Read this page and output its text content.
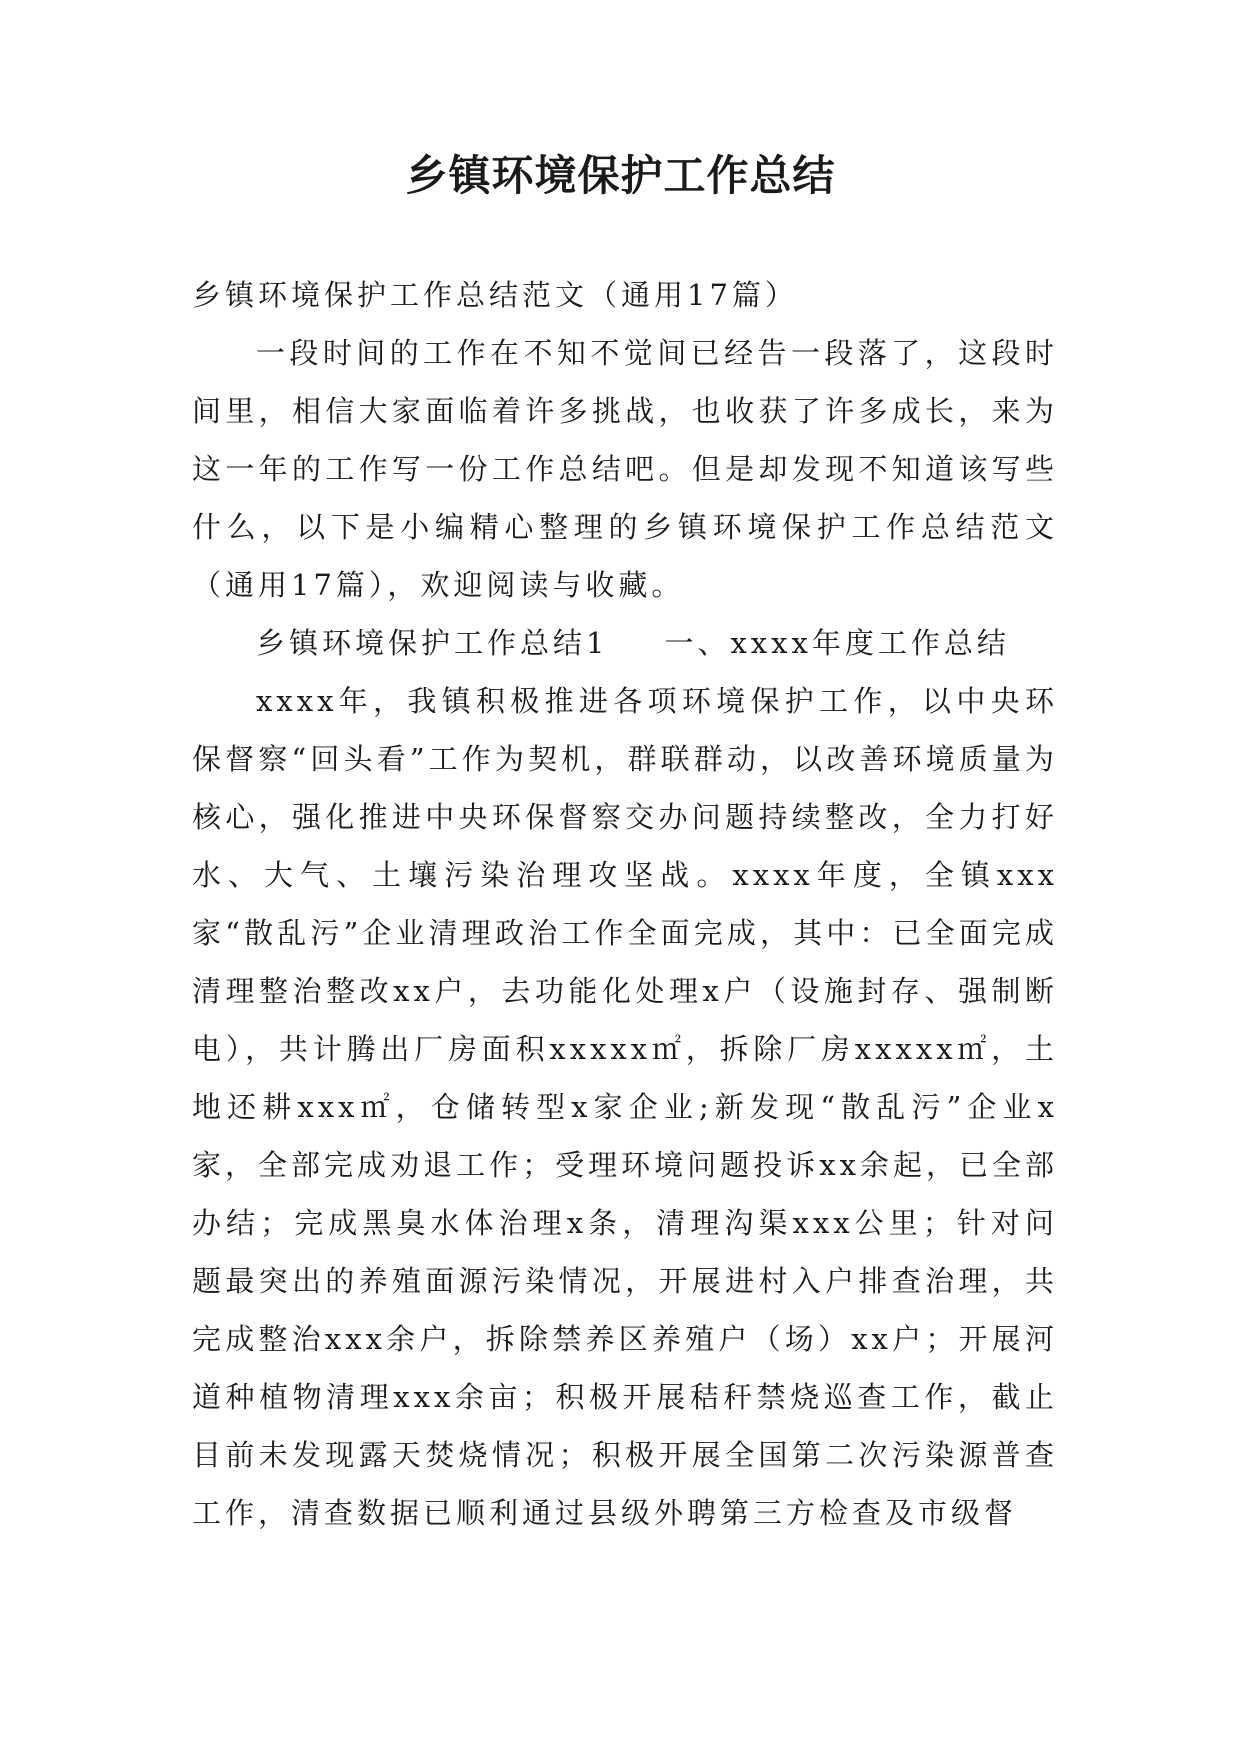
乡镇环境保护工作总结

乡镇环境保护工作总结范文（通用17篇）

一段时间的工作在不知不觉间已经告一段落了，这段时间里，相信大家面临着许多挑战，也收获了许多成长，来为这一年的工作写一份工作总结吧。但是却发现不知道该写些什么，以下是小编精心整理的乡镇环境保护工作总结范文（通用17篇），欢迎阅读与收藏。

乡镇环境保护工作总结1 一、xxxx年度工作总结

xxxx年，我镇积极推进各项环境保护工作，以中央环保督察“回头看”工作为契机，群联群动，以改善环境质量为核心，强化推进中央环保督察交办问题持续整改，全力打好水、大气、土壤污染治理攻坚战。xxxx年度，全镇xxx家“散乱污”企业清理政治工作全面完成，其中：已全面完成清理整治整改xx户，去功能化处理x户（设施封存、强制断电），共计腾出厂房面积xxxxx㎡，拆除厂房xxxxx㎡，土地还耕xxx㎡，仓储转型x家企业;新发现“散乱污”企业x家，全部完成劝退工作；受理环境问题投诉xx余起，已全部办结；完成黑臭水体治理x条，清理沟渠xxx公里；针对问题最突出的养殖面源污染情况，开展进村入户排查治理，共完成整治xxx余户，拆除禁养区养殖户（场）xx户；开展河道种植物清理xxx余亩；积极开展秸秆禁烧巡查工作，截止目前未发现露天焚烧情况；积极开展全国第二次污染源普查工作，清查数据已顺利通过县级外聘第三方检查及市级督
